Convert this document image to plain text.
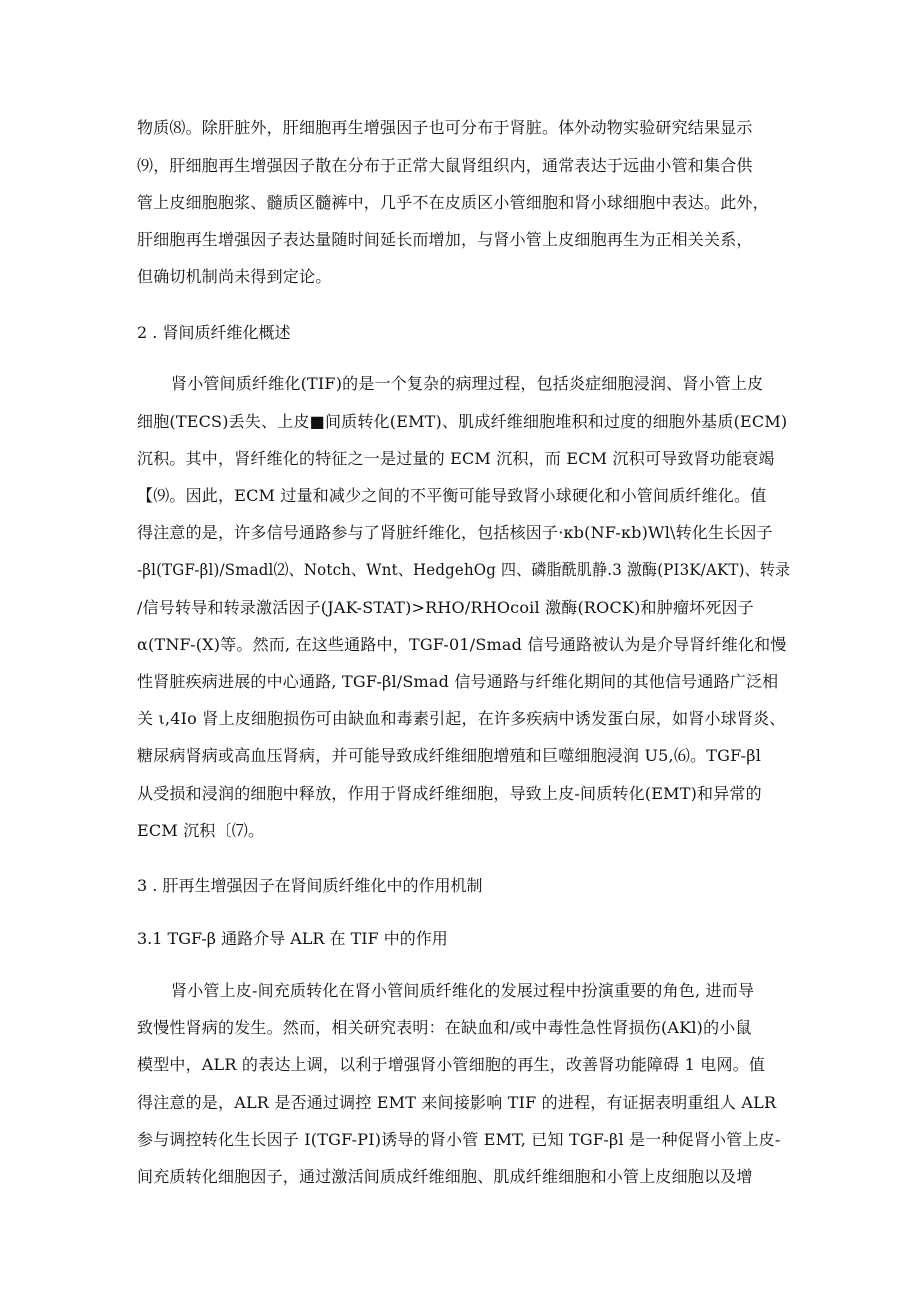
物质⑻。除肝脏外，肝细胞再生增强因子也可分布于肾脏。体外动物实验研究结果显示
⑼，肝细胞再生增强因子散在分布于正常大鼠肾组织内，通常表达于远曲小管和集合供
管上皮细胞胞浆、髓质区髓裤中，几乎不在皮质区小管细胞和肾小球细胞中表达。此外，
肝细胞再生增强因子表达量随时间延长而增加，与肾小管上皮细胞再生为正相关关系，
但确切机制尚未得到定论。
2 . 肾间质纤维化概述
肾小管间质纤维化(TIF)的是一个复杂的病理过程，包括炎症细胞浸润、肾小管上皮
细胞(TECS)丢失、上皮■间质转化(EMT)、肌成纤维细胞堆积和过度的细胞外基质(ECM)
沉积。其中，肾纤维化的特征之一是过量的 ECM 沉积，而 ECM 沉积可导致肾功能衰竭
【⑼。因此，ECM 过量和减少之间的不平衡可能导致肾小球硬化和小管间质纤维化。值
得注意的是，许多信号通路参与了肾脏纤维化，包括核因子·κb(NF-κb)Wl\转化生长因子
-βl(TGF-βl)/Smadl⑵、Notch、Wnt、HedgehOg 四、磷脂酰肌静.3 激酶(PI3K/AKT)、转录
/信号转导和转录激活因子(JAK-STAT)>RHO/RHOcoil 激酶(ROCK)和肿瘤坏死因子
α(TNF-(X)等。然而, 在这些通路中，TGF-01/Smad 信号通路被认为是介导肾纤维化和慢
性肾脏疾病进展的中心通路, TGF-βl/Smad 信号通路与纤维化期间的其他信号通路广泛相
关 ι,4Io 肾上皮细胞损伤可由缺血和毒素引起，在许多疾病中诱发蛋白尿，如肾小球肾炎、
糖尿病肾病或高血压肾病，并可能导致成纤维细胞增殖和巨噬细胞浸润 U5,⑹。TGF-βl
从受损和浸润的细胞中释放，作用于肾成纤维细胞，导致上皮-间质转化(EMT)和异常的
ECM 沉积〔⑺。
3 . 肝再生增强因子在肾间质纤维化中的作用机制
3.1 TGF-β 通路介导 ALR 在 TIF 中的作用
肾小管上皮-间充质转化在肾小管间质纤维化的发展过程中扮演重要的角色, 进而导
致慢性肾病的发生。然而，相关研究表明：在缺血和/或中毒性急性肾损伤(AKl)的小鼠
模型中，ALR 的表达上调，以利于增强肾小管细胞的再生，改善肾功能障碍 1 电网。值
得注意的是，ALR 是否通过调控 EMT 来间接影响 TIF 的进程，有证据表明重组人 ALR
参与调控转化生长因子 I(TGF-PI)诱导的肾小管 EMT, 已知 TGF-βl 是一种促肾小管上皮-
间充质转化细胞因子，通过激活间质成纤维细胞、肌成纤维细胞和小管上皮细胞以及增
